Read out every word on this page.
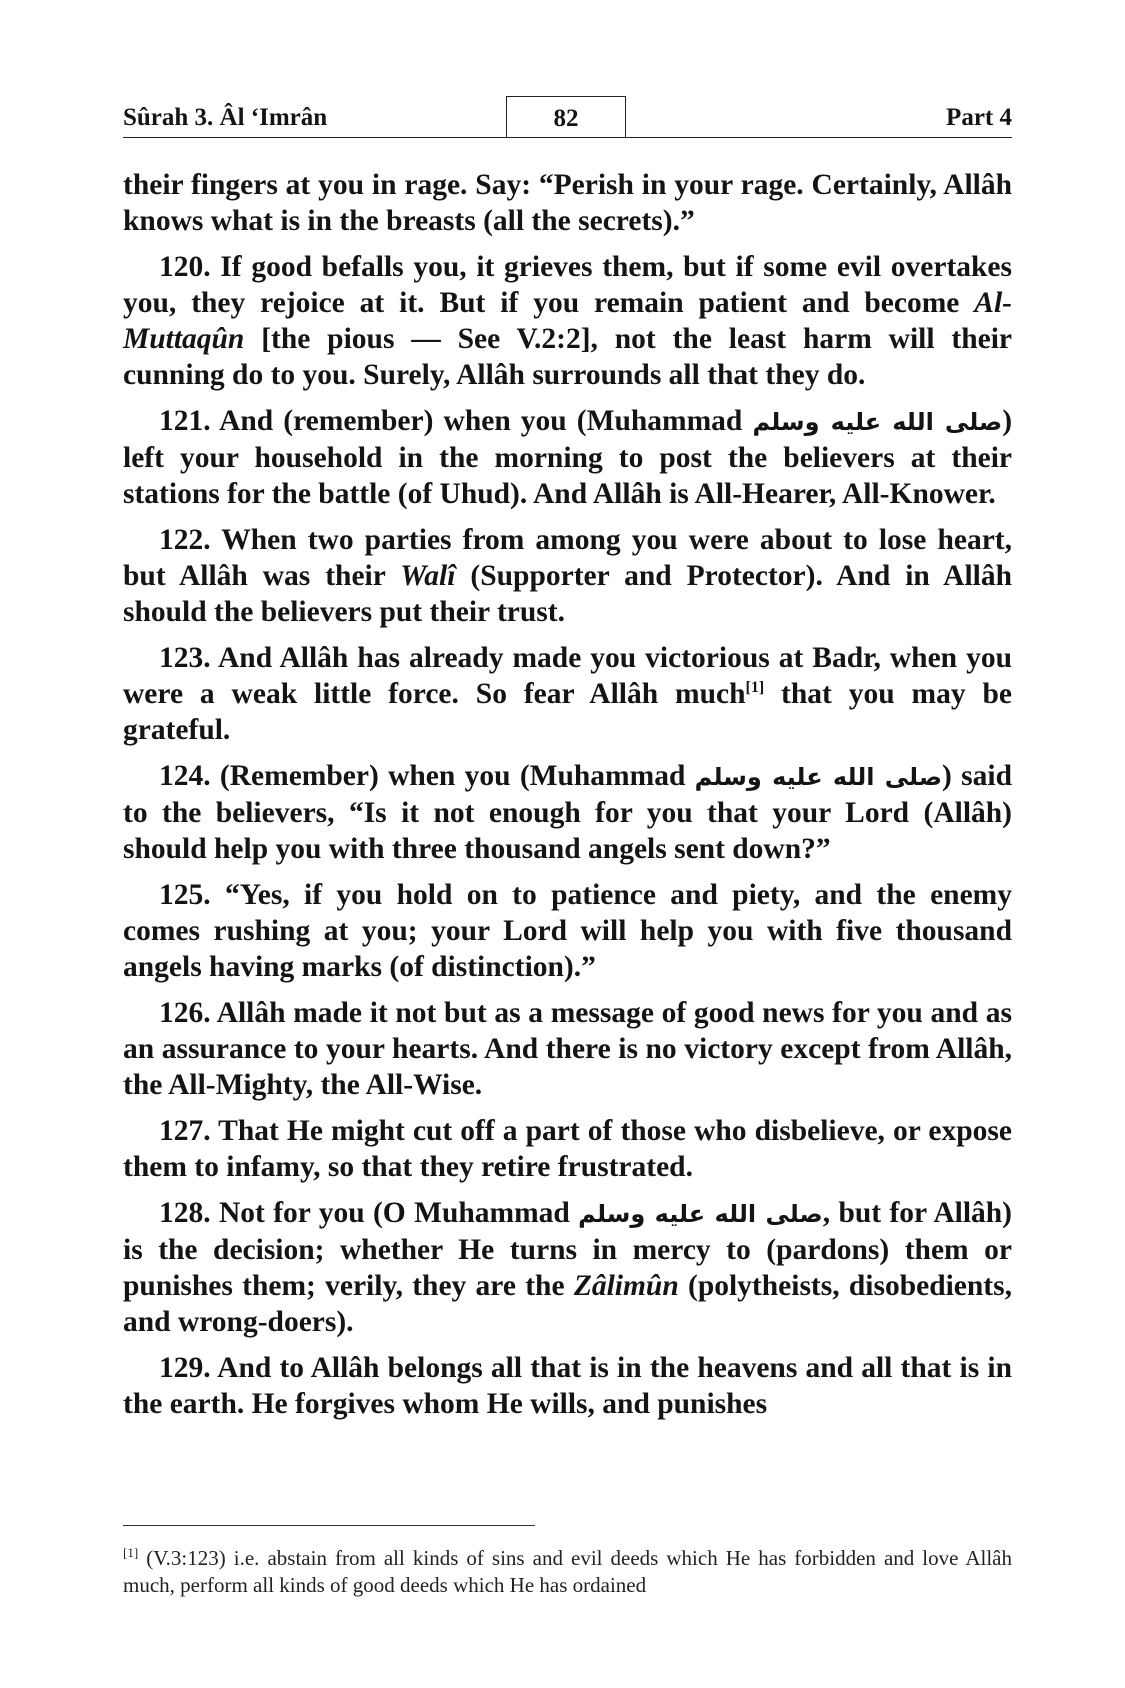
Sûrah 3. Âl ‘Imrân	82	Part 4

their fingers at you in rage. Say: “Perish in your rage. Certainly, Allâh knows what is in the breasts (all the secrets).”

120. If good befalls you, it grieves them, but if some evil overtakes you, they rejoice at it. But if you remain patient and become Al-Muttaqûn [the pious — See V.2:2], not the least harm will their cunning do to you. Surely, Allâh surrounds all that they do.

121. And (remember) when you (Muhammad صلى الله عليه وسلم) left your household in the morning to post the believers at their stations for the battle (of Uhud). And Allâh is All-Hearer, All-Knower.

122. When two parties from among you were about to lose heart, but Allâh was their Walî (Supporter and Protector). And in Allâh should the believers put their trust.

123. And Allâh has already made you victorious at Badr, when you were a weak little force. So fear Allâh much[1] that you may be grateful.

124. (Remember) when you (Muhammad صلى الله عليه وسلم) said to the believers, “Is it not enough for you that your Lord (Allâh) should help you with three thousand angels sent down?”

125. “Yes, if you hold on to patience and piety, and the enemy comes rushing at you; your Lord will help you with five thousand angels having marks (of distinction).”

126. Allâh made it not but as a message of good news for you and as an assurance to your hearts. And there is no victory except from Allâh, the All-Mighty, the All-Wise.

127. That He might cut off a part of those who disbelieve, or expose them to infamy, so that they retire frustrated.

128. Not for you (O Muhammad صلى الله عليه وسلم, but for Allâh) is the decision; whether He turns in mercy to (pardons) them or punishes them; verily, they are the Zâlimûn (polytheists, disobedients, and wrong-doers).

129. And to Allâh belongs all that is in the heavens and all that is in the earth. He forgives whom He wills, and punishes

[1] (V.3:123) i.e. abstain from all kinds of sins and evil deeds which He has forbidden and love Allâh much, perform all kinds of good deeds which He has ordained
